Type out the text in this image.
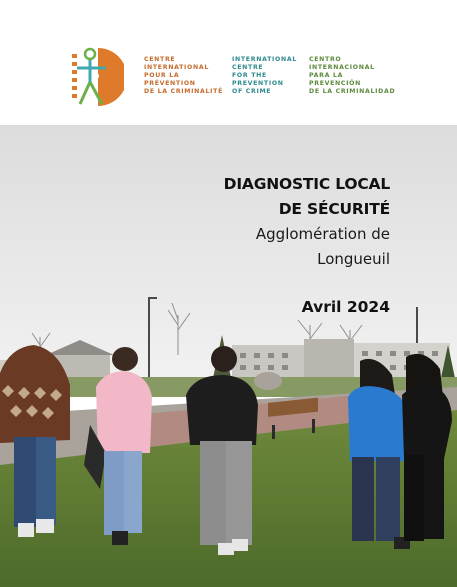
CENTRE
INTERNATIONAL
POUR LA
PRÉVENTION
DE LA CRIMINALITÉ
INTERNATIONAL
CENTRE
FOR THE
PREVENTION
OF CRIME
CENTRO
INTERNACIONAL
PARA LA
PREVENCIÓN
DE LA CRIMINALIDAD
DIAGNOSTIC LOCAL
DE SÉCURITÉ
Agglomération de
Longueuil
Avril 2024
